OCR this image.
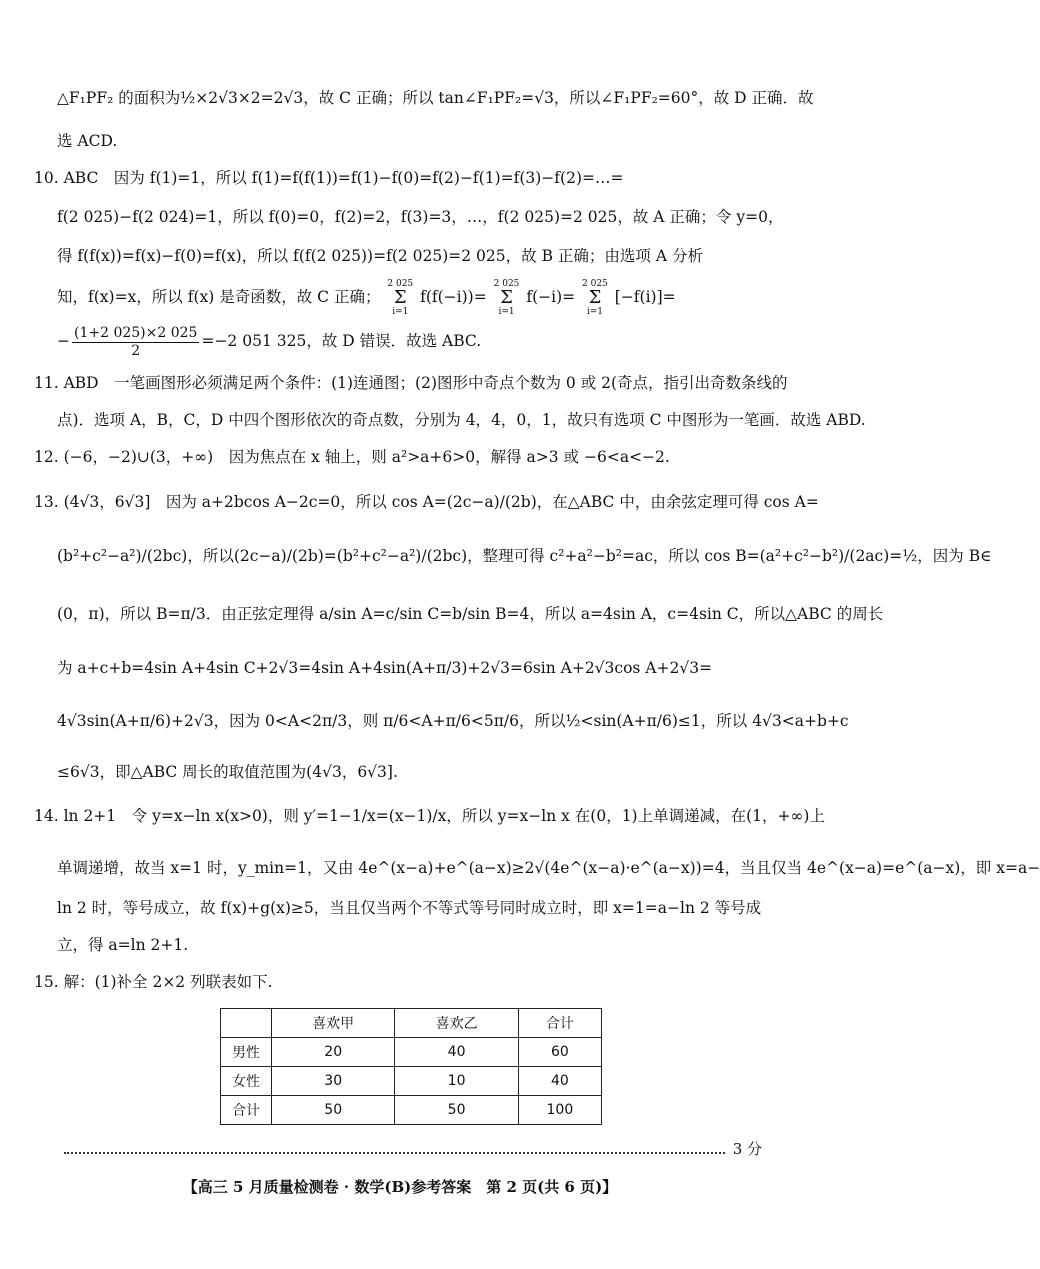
△F₁PF₂ 的面积为½×2√3×2=2√3，故 C 正确；所以 tan∠F₁PF₂=√3，所以∠F₁PF₂=60°，故 D 正确．故
选 ACD.
10. ABC　因为 f(1)=1，所以 f(1)=f(f(1))=f(1)−f(0)=f(2)−f(1)=f(3)−f(2)=…=
f(2 025)−f(2 024)=1，所以 f(0)=0，f(2)=2，f(3)=3，…，f(2 025)=2 025，故 A 正确；令 y=0，
得 f(f(x))=f(x)−f(0)=f(x)，所以 f(f(2 025))=f(2 025)=2 025，故 B 正确；由选项 A 分析
知，f(x)=x，所以 f(x) 是奇函数，故 C 正确；
2 025
Σ
i=1
f(f(−i))=
2 025
Σ
i=1
f(−i)=
2 025
Σ
i=1
[−f(i)]=
− $\frac{(1+2 025)\times 2 025}{2} =-2$ 051 325，故 D 错误．故选 ABC.
11. ABD　一笔画图形必须满足两个条件：(1)连通图；(2)图形中奇点个数为 0 或 2(奇点，指引出奇数条线的
点)．选项 A，B，C，D 中四个图形依次的奇点数，分别为 4，4，0，1，故只有选项 C 中图形为一笔画．故选 ABD.
12. (−6，−2)∪(3，+∞)　因为焦点在 x 轴上，则 a²>a+6>0，解得 a>3 或 −6<a<−2.
13. (4√3，6√3]　因为 a+2bcos A−2c=0，所以 cos A=(2c−a)/(2b)，在△ABC 中，由余弦定理可得 cos A=
(b²+c²−a²)/(2bc)，所以(2c−a)/(2b)=(b²+c²−a²)/(2bc)，整理可得 c²+a²−b²=ac，所以 cos B=(a²+c²−b²)/(2ac)=½，因为 B∈
(0，π)，所以 B=π/3．由正弦定理得 a/sin A=c/sin C=b/sin B=4，所以 a=4sin A，c=4sin C，所以△ABC 的周长
为 a+c+b=4sin A+4sin C+2√3=4sin A+4sin(A+π/3)+2√3=6sin A+2√3cos A+2√3=
4√3sin(A+π/6)+2√3，因为 0<A<2π/3，则 π/6<A+π/6<5π/6，所以½<sin(A+π/6)≤1，所以 4√3<a+b+c
≤6√3，即△ABC 周长的取值范围为(4√3，6√3].
14. ln 2+1　令 y=x−ln x(x>0)，则 y′=1−1/x=(x−1)/x，所以 y=x−ln x 在(0，1)上单调递减，在(1，+∞)上
单调递增，故当 x=1 时，y_min=1，又由 4e^(x−a)+e^(a−x)≥2√(4e^(x−a)·e^(a−x))=4，当且仅当 4e^(x−a)=e^(a−x)，即 x=a−
ln 2 时，等号成立，故 f(x)+g(x)≥5，当且仅当两个不等式等号同时成立时，即 x=1=a−ln 2 等号成
立，得 a=ln 2+1.
15. 解：(1)补全 2×2 列联表如下.
	喜欢甲	喜欢乙	合计
男性	20	40	60
女性	30	10	40
合计	50	50	100
3 分
【高三 5 月质量检测卷 · 数学(B)参考答案　第 2 页(共 6 页)】
